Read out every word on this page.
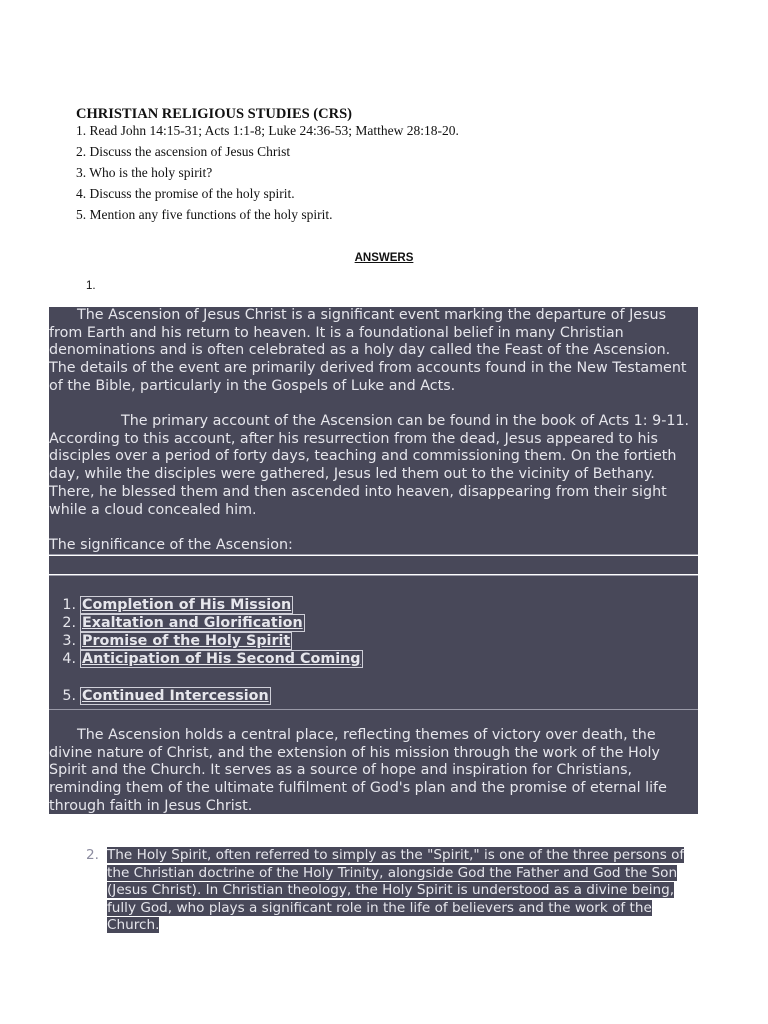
CHRISTIAN RELIGIOUS STUDIES (CRS)
1. Read John 14:15-31; Acts 1:1-8; Luke 24:36-53; Matthew 28:18-20.
2. Discuss the ascension of Jesus Christ
3. Who is the holy spirit?
4. Discuss the promise of the holy spirit.
5. Mention any five functions of the holy spirit.
ANSWERS
1.

The Ascension of Jesus Christ is a significant event marking the departure of Jesus from Earth and his return to heaven. It is a foundational belief in many Christian denominations and is often celebrated as a holy day called the Feast of the Ascension. The details of the event are primarily derived from accounts found in the New Testament of the Bible, particularly in the Gospels of Luke and Acts.

The primary account of the Ascension can be found in the book of Acts 1: 9-11. According to this account, after his resurrection from the dead, Jesus appeared to his disciples over a period of forty days, teaching and commissioning them. On the fortieth day, while the disciples were gathered, Jesus led them out to the vicinity of Bethany. There, he blessed them and then ascended into heaven, disappearing from their sight while a cloud concealed him.
The significance of the Ascension:
1. Completion of His Mission
2. Exaltation and Glorification
3. Promise of the Holy Spirit
4. Anticipation of His Second Coming
5. Continued Intercession

The Ascension holds a central place, reflecting themes of victory over death, the divine nature of Christ, and the extension of his mission through the work of the Holy Spirit and the Church. It serves as a source of hope and inspiration for Christians, reminding them of the ultimate fulfilment of God's plan and the promise of eternal life through faith in Jesus Christ.

2. The Holy Spirit, often referred to simply as the "Spirit," is one of the three persons of
the Christian doctrine of the Holy Trinity, alongside God the Father and God the Son
(Jesus Christ). In Christian theology, the Holy Spirit is understood as a divine being,
fully God, who plays a significant role in the life of believers and the work of the
Church.
